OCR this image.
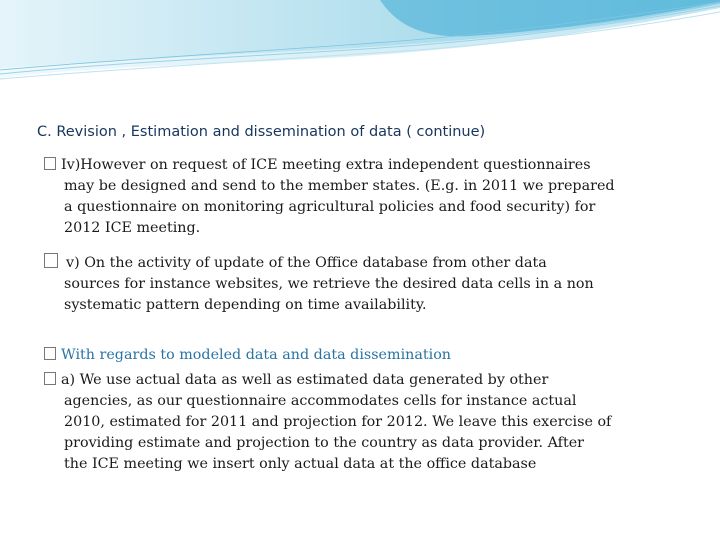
C. Revision , Estimation and dissemination of data ( continue)
Iv)However on request of ICE meeting extra independent questionnaires
may be designed and send to the member states. (E.g. in 2011 we prepared
a questionnaire on monitoring agricultural policies and food security) for
2012 ICE meeting.
v) On the activity of update of the Office database from other data
sources for instance websites, we retrieve the desired data cells in a non
systematic pattern depending on time availability.
With regards to modeled data and data dissemination
a) We use actual data as well as estimated data generated by other
agencies, as our questionnaire accommodates cells for instance actual
2010, estimated for 2011 and projection for 2012. We leave this exercise of
providing estimate and projection to the country as data provider. After
the ICE meeting we insert only actual data at the office database
